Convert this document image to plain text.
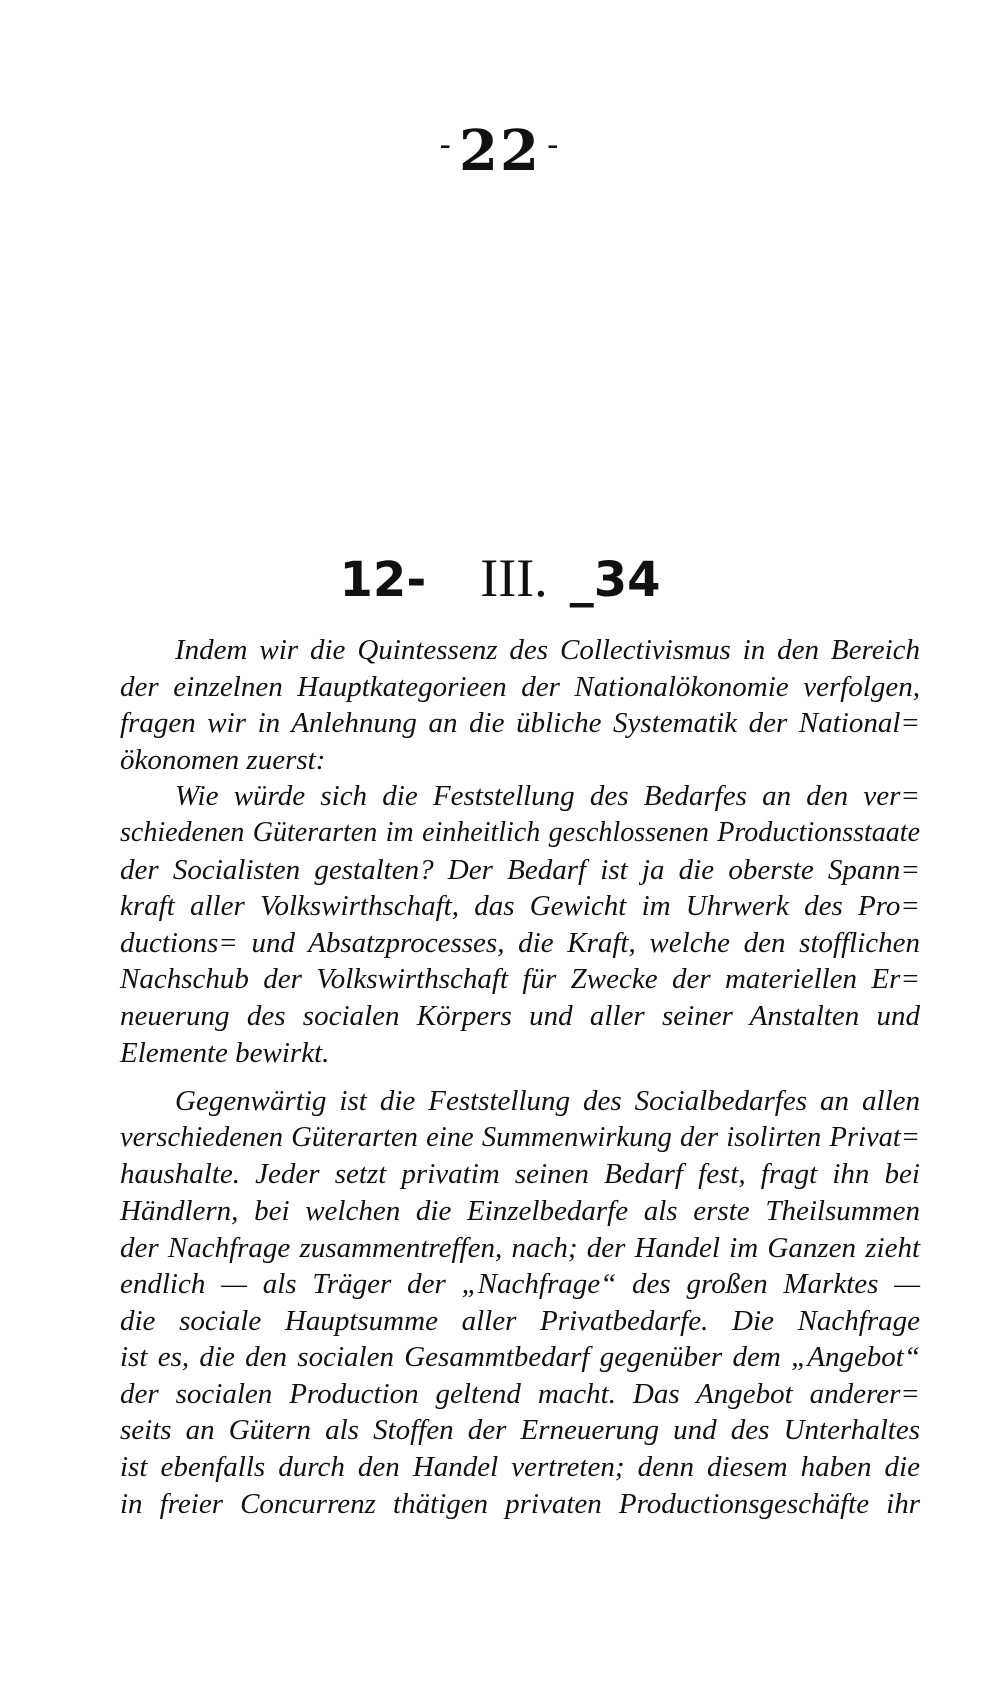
- 22 -
12- III. _34
Indem wir die Quintessenz des Collectivismus in den Bereich
der einzelnen Hauptkategorieen der Nationalökonomie verfolgen,
fragen wir in Anlehnung an die übliche Systematik der National=
ökonomen zuerst:
Wie würde sich die Feststellung des Bedarfes an den ver=
schiedenen Güterarten im einheitlich geschlossenen Productionsstaate
der Socialisten gestalten? Der Bedarf ist ja die oberste Spann=
kraft aller Volkswirthschaft, das Gewicht im Uhrwerk des Pro=
ductions= und Absatzprocesses, die Kraft, welche den stofflichen
Nachschub der Volkswirthschaft für Zwecke der materiellen Er=
neuerung des socialen Körpers und aller seiner Anstalten und
Elemente bewirkt.
Gegenwärtig ist die Feststellung des Socialbedarfes an allen
verschiedenen Güterarten eine Summenwirkung der isolirten Privat=
haushalte. Jeder setzt privatim seinen Bedarf fest, fragt ihn bei
Händlern, bei welchen die Einzelbedarfe als erste Theilsummen
der Nachfrage zusammentreffen, nach; der Handel im Ganzen zieht
endlich — als Träger der „Nachfrage“ des großen Marktes —
die sociale Hauptsumme aller Privatbedarfe. Die Nachfrage
ist es, die den socialen Gesammtbedarf gegenüber dem „Angebot“
der socialen Production geltend macht. Das Angebot anderer=
seits an Gütern als Stoffen der Erneuerung und des Unterhaltes
ist ebenfalls durch den Handel vertreten; denn diesem haben die
in freier Concurrenz thätigen privaten Productionsgeschäfte ihr
